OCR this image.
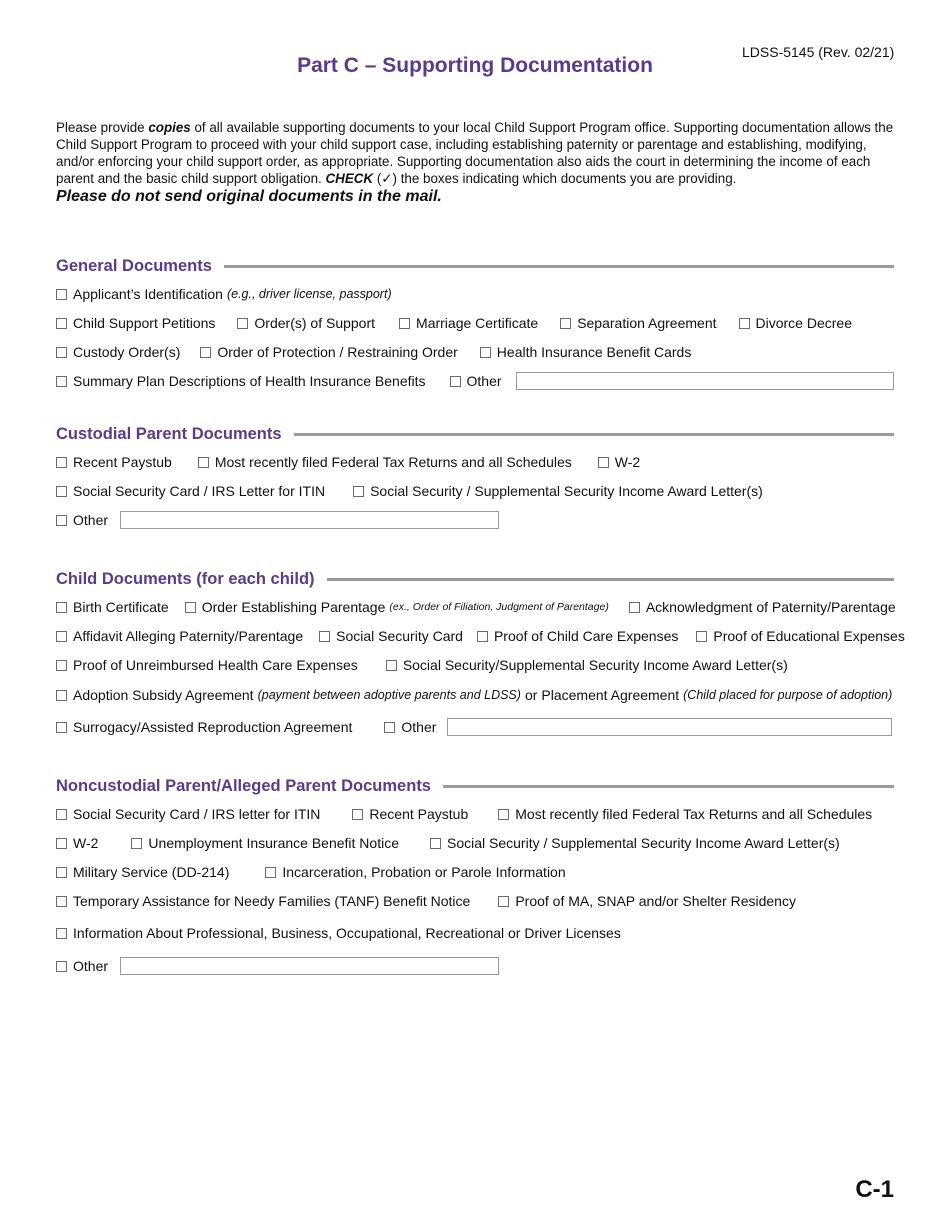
LDSS-5145 (Rev. 02/21)
Part C – Supporting Documentation
Please provide copies of all available supporting documents to your local Child Support Program office. Supporting documentation allows the Child Support Program to proceed with your child support case, including establishing paternity or parentage and establishing, modifying, and/or enforcing your child support order, as appropriate. Supporting documentation also aids the court in determining the income of each parent and the basic child support obligation. CHECK (✓) the boxes indicating which documents you are providing.
Please do not send original documents in the mail.
General Documents
Applicant’s Identification (e.g., driver license, passport)
Child Support Petitions	Order(s) of Support	Marriage Certificate	Separation Agreement	Divorce Decree
Custody Order(s)	Order of Protection / Restraining Order	Health Insurance Benefit Cards
Summary Plan Descriptions of Health Insurance Benefits	Other
Custodial Parent Documents
Recent Paystub	Most recently filed Federal Tax Returns and all Schedules	W-2
Social Security Card / IRS Letter for ITIN	Social Security / Supplemental Security Income Award Letter(s)
Other
Child Documents (for each child)
Birth Certificate Order Establishing Parentage (ex., Order of Filiation, Judgment of Parentage)	Acknowledgment of Paternity/Parentage
Affidavit Alleging Paternity/Parentage Social Security Card Proof of Child Care Expenses	Proof of Educational Expenses
Proof of Unreimbursed Health Care Expenses	Social Security/Supplemental Security Income Award Letter(s)
Adoption Subsidy Agreement (payment between adoptive parents and LDSS) or Placement Agreement (Child placed for purpose of adoption)
Surrogacy/Assisted Reproduction Agreement	Other
Noncustodial Parent/Alleged Parent Documents
Social Security Card / IRS letter for ITIN	Recent Paystub	Most recently filed Federal Tax Returns and all Schedules
W-2	Unemployment Insurance Benefit Notice	Social Security / Supplemental Security Income Award Letter(s)
Military Service (DD-214)	Incarceration, Probation or Parole Information
Temporary Assistance for Needy Families (TANF) Benefit Notice	Proof of MA, SNAP and/or Shelter Residency
Information About Professional, Business, Occupational, Recreational or Driver Licenses
Other
C-1
